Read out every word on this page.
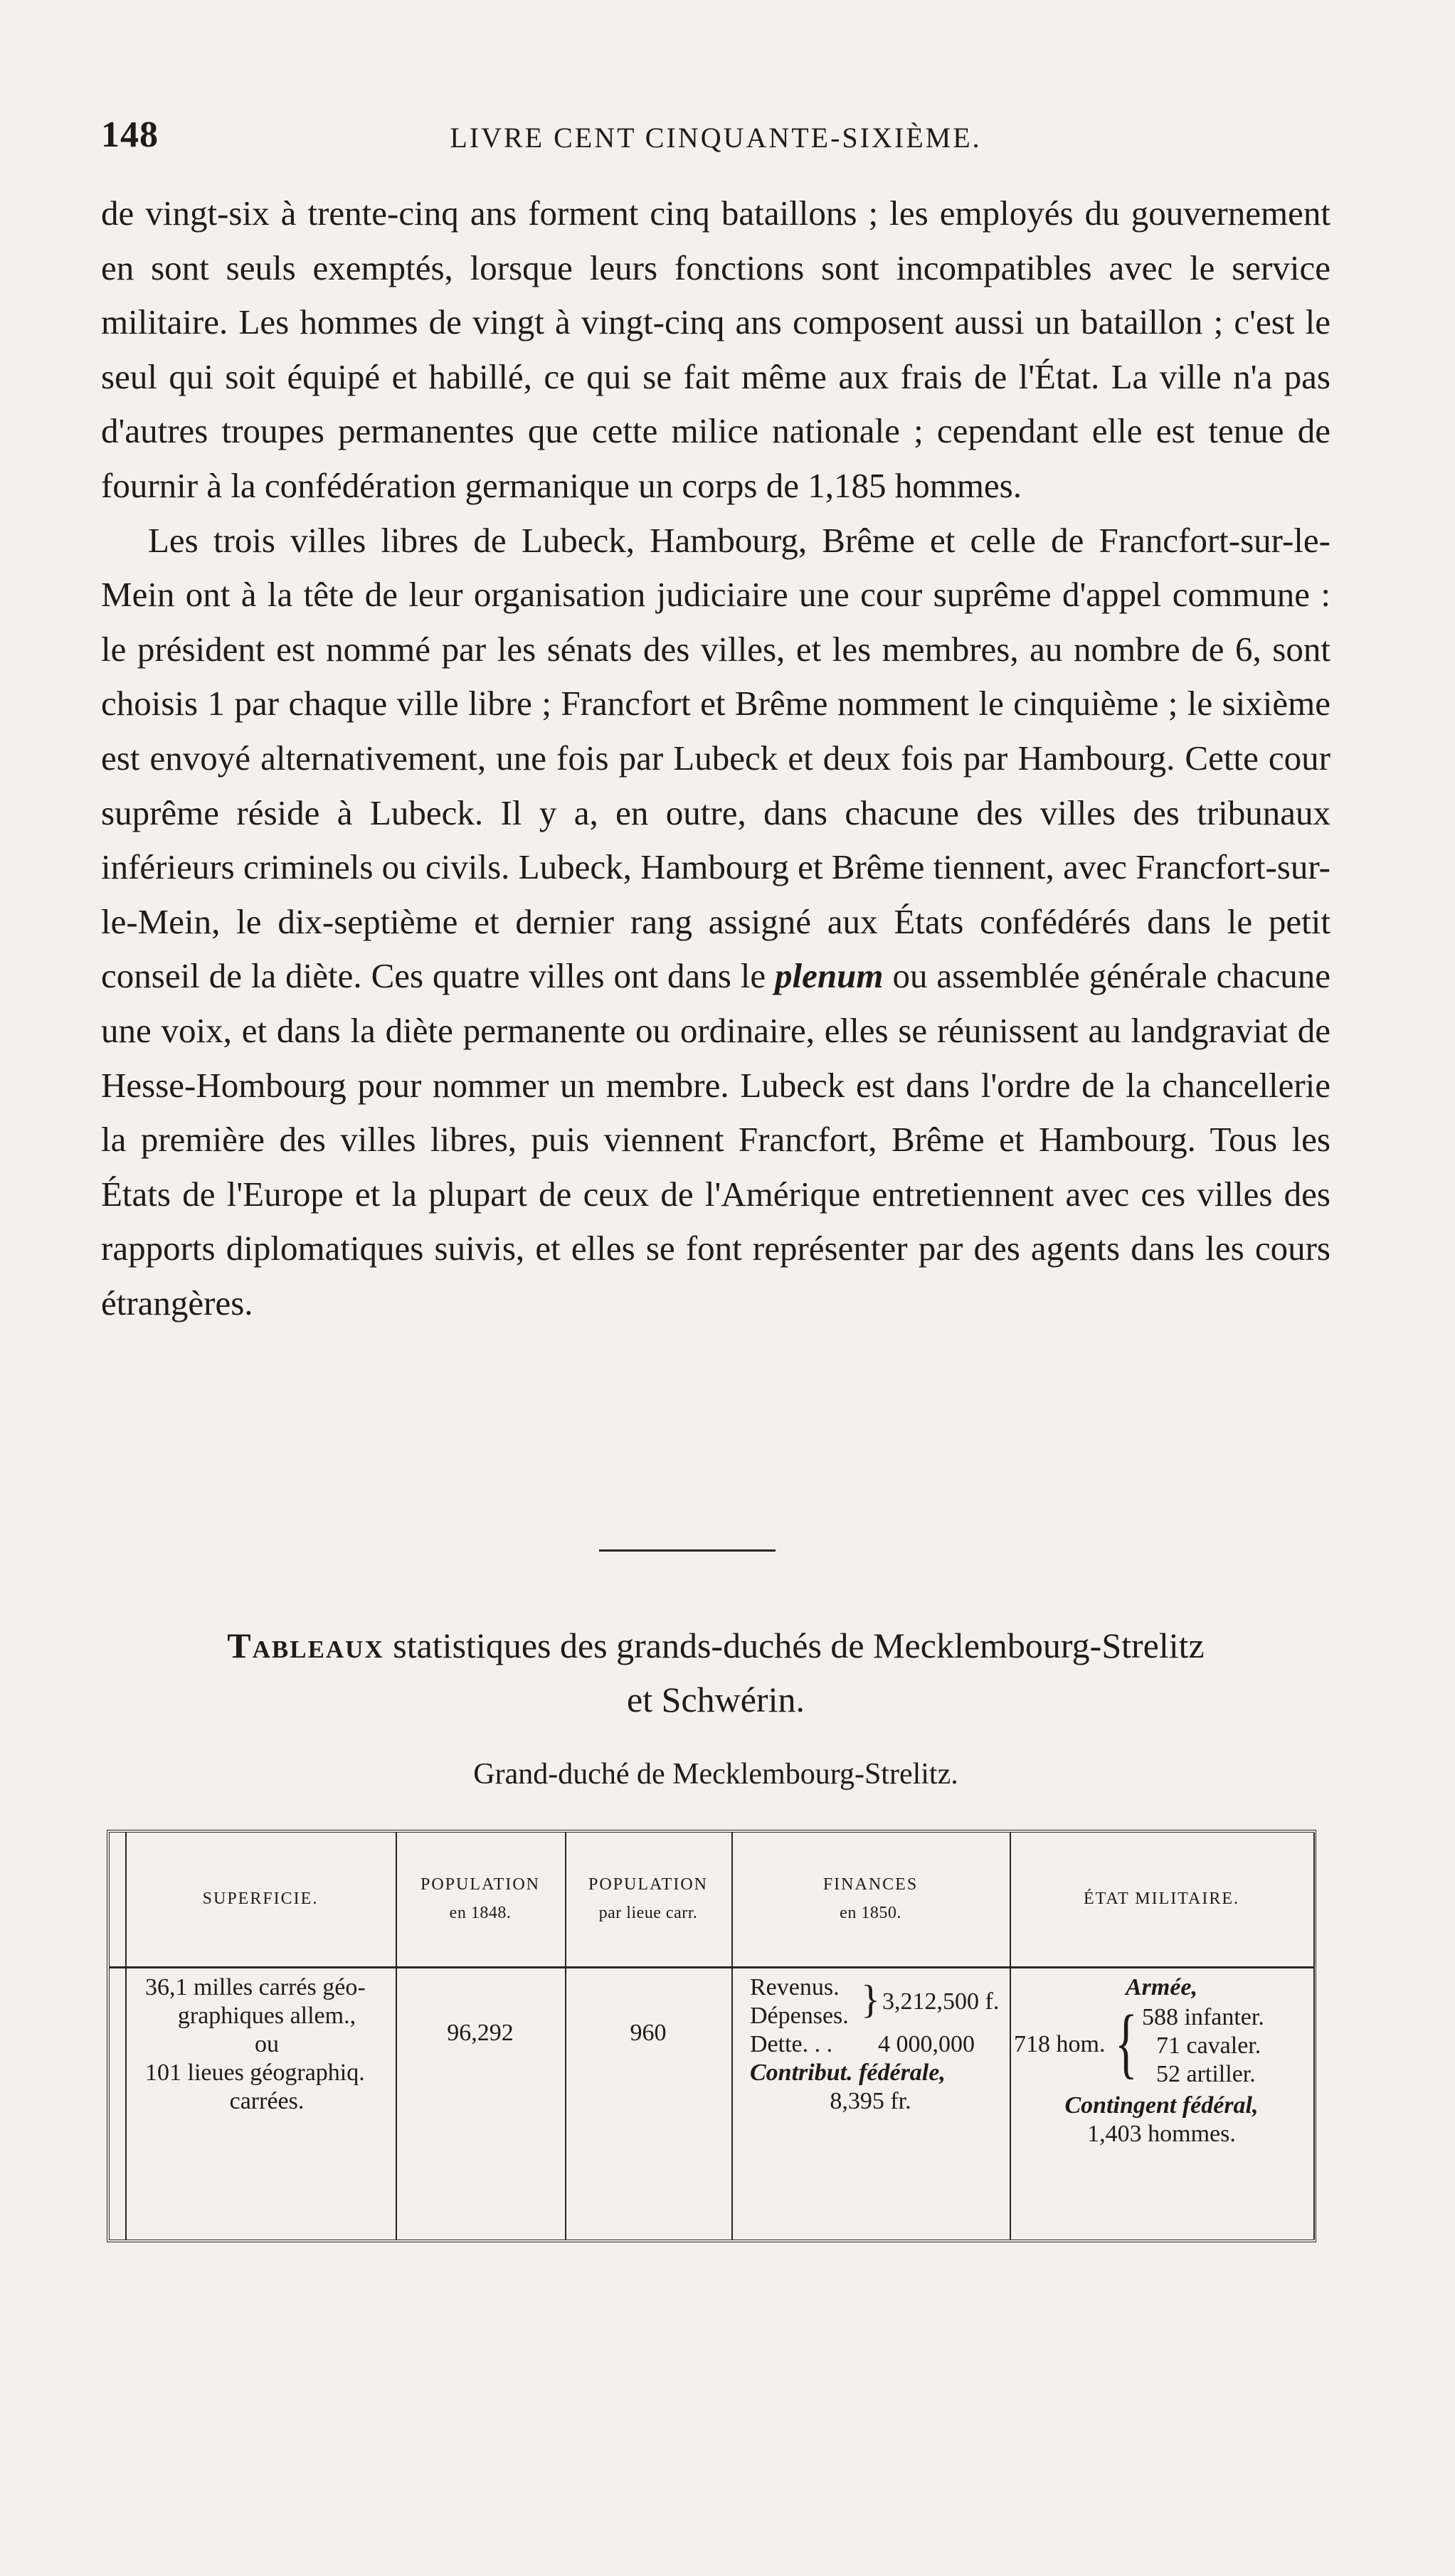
148	LIVRE CENT CINQUANTE-SIXIÈME.

de vingt-six à trente-cinq ans forment cinq bataillons ; les employés du gouvernement en sont seuls exemptés, lorsque leurs fonctions sont incompatibles avec le service militaire. Les hommes de vingt à vingt-cinq ans composent aussi un bataillon ; c'est le seul qui soit équipé et habillé, ce qui se fait même aux frais de l'État. La ville n'a pas d'autres troupes permanentes que cette milice nationale ; cependant elle est tenue de fournir à la confédération germanique un corps de 1,185 hommes.

Les trois villes libres de Lubeck, Hambourg, Brême et celle de Francfort-sur-le-Mein ont à la tête de leur organisation judiciaire une cour suprême d'appel commune : le président est nommé par les sénats des villes, et les membres, au nombre de 6, sont choisis 1 par chaque ville libre ; Francfort et Brême nomment le cinquième ; le sixième est envoyé alternativement, une fois par Lubeck et deux fois par Hambourg. Cette cour suprême réside à Lubeck. Il y a, en outre, dans chacune des villes des tribunaux inférieurs criminels ou civils. Lubeck, Hambourg et Brême tiennent, avec Francfort-sur-le-Mein, le dix-septième et dernier rang assigné aux États confédérés dans le petit conseil de la diète. Ces quatre villes ont dans le plenum ou assemblée générale chacune une voix, et dans la diète permanente ou ordinaire, elles se réunissent au landgraviat de Hesse-Hombourg pour nommer un membre. Lubeck est dans l'ordre de la chancellerie la première des villes libres, puis viennent Francfort, Brême et Hambourg. Tous les États de l'Europe et la plupart de ceux de l'Amérique entretiennent avec ces villes des rapports diplomatiques suivis, et elles se font représenter par des agents dans les cours étrangères.

Tableaux statistiques des grands-duchés de Mecklembourg-Strelitz
et Schwérin.
Grand-duché de Mecklembourg-Strelitz.
SUPERFICIE.
POPULATION
en 1848.
POPULATION
par lieue carr.
FINANCES
en 1850.
ÉTAT MILITAIRE.
36,1 milles carrés géo-
graphiques allem.,
ou
101 lieues géographiq.
carrées.
96,292	960
Revenus.
Dépenses. } 3,212,500 f.
Dette. . . 4 000,000
Contribut. fédérale,
8,395 fr.
Armée,
718 hom. { 588 infanter.
71 cavaler.
52 artiller.
Contingent fédéral,
1,403 hommes.
